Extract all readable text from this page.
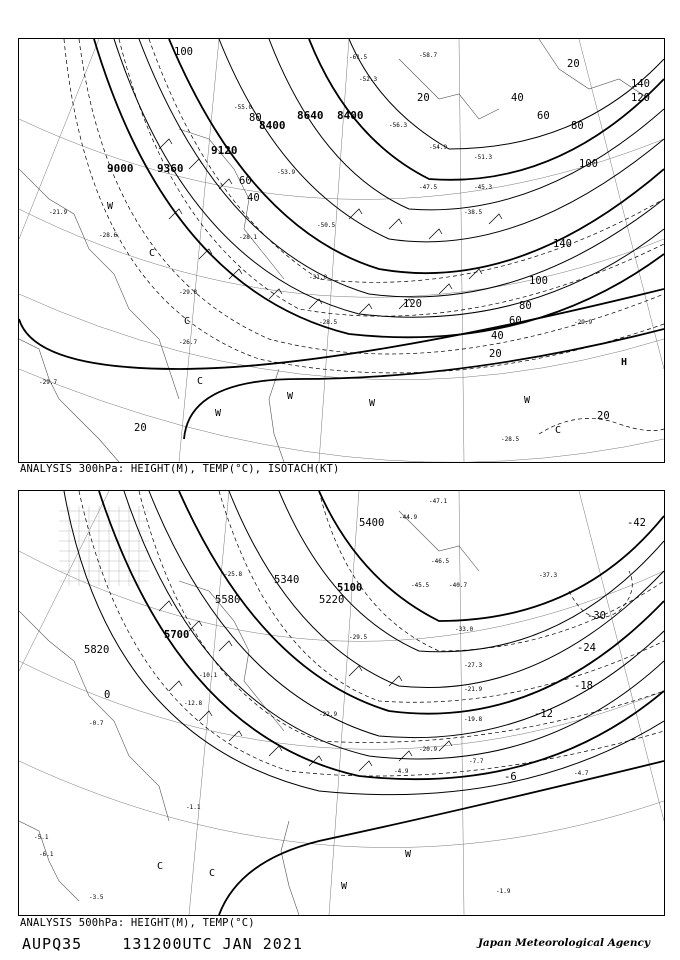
8640 8400
8400
9120
9000 9360
100
20	40
60
80
120
140
100
80
60
40
20
120
140
100
80
60
40
20
20
20
W
C
C
C
W
W
W	W
C
H
-61.5
-52.3
-56.3
-54.9
-51.3
-47.5	-45.3
-38.5
-31.0
-28.6
-29.8
-26.7
-28.5	-29.9
-21.9
-28.1
-55.0
-53.9
-50.5
-58.7
-29.7
-28.5
ANALYSIS 300hPa: HEIGHT(M), TEMP(°C), ISOTACH(KT)
5400
5340
5100
5580	5220
5700
5820
-42
-30
-24
-18
-12
-6
0
C
C
W
W
-47.1
-44.9
-46.5
-45.5	-40.7
-37.3
-33.0
-27.3
-21.9
-19.8
-12.8
-7.7
-4.9	-4.7
-1.1
-0.7
-1.9
-3.5
-5.1
-6.1
-20.9
-25.8
-10.1
-22.9
-29.5
ANALYSIS 500hPa: HEIGHT(M), TEMP(°C)
AUPQ35	131200UTC JAN 2021	Japan Meteorological Agency
